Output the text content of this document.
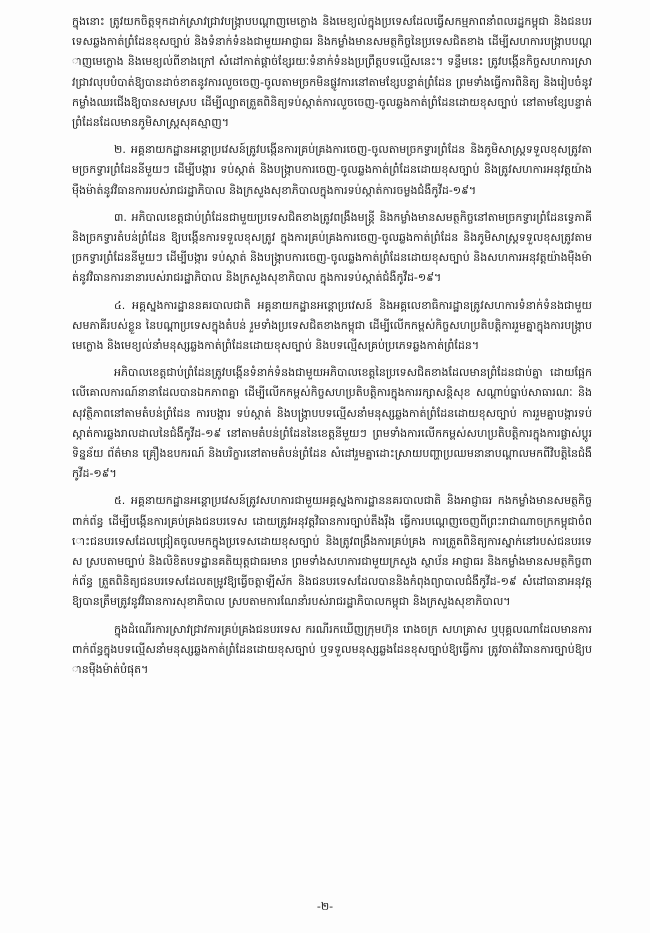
ក្នុងនោះ ត្រូវយកចិត្តទុកដាក់ស្រាវជ្រាវបង្ក្រាបបណ្ដាញមេក្លោង និងមេខ្យល់ក្នុងប្រទេសដែលធ្វើសកម្មភាពនាំពលរដ្ឋកម្ពុជា និងជនបរទេសឆ្លងកាត់ព្រំដែនខុសច្បាប់ និងទំនាក់ទំនងជាមួយអាជ្ញាធរ និងកម្លាំងមានសមត្ថកិច្ចនៃប្រទេសជិតខាង ដើម្បីសហការបង្ក្រាបបណ្ដាញមេក្លោង និងមេខ្យល់ពីខាងក្រៅ សំដៅកាត់ផ្ដាច់ខ្សែរយៈទំនាក់ទំនងប្រព្រឹត្តបទល្មើសនេះ។ ទន្ទឹមនេះ ត្រូវបង្កើនកិច្ចសហការស្រាវជ្រាវលុបបំបាត់ឱ្យបានដាច់ខាតនូវការលួចចេញ-ចូលតាមច្រកមិនផ្លូវការនៅតាមខ្សែបន្ទាត់ព្រំដែន ព្រមទាំងធ្វើការពិនិត្យ និងរៀបចំនូវកម្លាំងឈរជើងឱ្យបានសមស្រប ដើម្បីល្បាតត្រួតពិនិត្យទប់ស្កាត់ការលួចចេញ-ចូលឆ្លងកាត់ព្រំដែនដោយខុសច្បាប់ នៅតាមខ្សែបន្ទាត់ព្រំដែនដែលមានភូមិសាស្ត្រសុគស្មាញ។

២. អគ្គនាយកដ្ឋានអន្តោប្រវេសន៍ត្រូវបង្កើនការគ្រប់គ្រងការចេញ-ចូលតាមច្រកទ្វារព្រំដែន និងភូមិសាស្ត្រទទួលខុសត្រូវតាមច្រកទ្វារព្រំដែននីមួយៗ ដើម្បីបង្ការ ទប់ស្កាត់ និងបង្ក្រាបការចេញ-ចូលឆ្លងកាត់ព្រំដែនដោយខុសច្បាប់ និងត្រូវសហការអនុវត្តយ៉ាងម៉ឺងម៉ាត់នូវវិធានការរបស់រាជរដ្ឋាភិបាល និងក្រសួងសុខាភិបាលក្នុងការទប់ស្កាត់ការចម្លងជំងឺកូវីដ-១៩។

៣. អភិបាលខេត្តជាប់ព្រំដែនជាមួយប្រទេសជិតខាងត្រូវពង្រឹងមន្ត្រី និងកម្លាំងមានសមត្ថកិច្ចនៅតាមច្រកទ្វារព្រំដែនទ្វេភាគី និងច្រកទ្វារតំបន់ព្រំដែន ឱ្យបង្កើនការទទួលខុសត្រូវ ក្នុងការគ្រប់គ្រងការចេញ-ចូលឆ្លងកាត់ព្រំដែន និងភូមិសាស្ត្រទទួលខុសត្រូវតាមច្រកទ្វារព្រំដែននីមួយៗ ដើម្បីបង្ការ ទប់ស្កាត់ និងបង្ក្រាបការចេញ-ចូលឆ្លងកាត់ព្រំដែនដោយខុសច្បាប់ និងសហការអនុវត្តយ៉ាងម៉ឺងម៉ាត់នូវវិធានការនានារបស់រាជរដ្ឋាភិបាល និងក្រសួងសុខាភិបាល ក្នុងការទប់ស្កាត់ជំងឺកូវីដ-១៩។

៤. អគ្គស្នងការដ្ឋាននគរបាលជាតិ អគ្គនាយកដ្ឋានអន្តោប្រវេសន៍ និងអគ្គលេខាធិការដ្ឋានត្រូវសហការទំនាក់ទំនងជាមួយសមភាគីរបស់ខ្លួន នៃបណ្ដាប្រទេសក្នុងតំបន់ រួមទាំងប្រទេសជិតខាងកម្ពុជា ដើម្បីលើកកម្ពស់កិច្ចសហប្រតិបត្តិការរួមគ្នាក្នុងការបង្ក្រាបមេក្លោង និងមេខ្យល់នាំមនុស្សឆ្លងកាត់ព្រំដែនដោយខុសច្បាប់ និងបទល្មើសគ្រប់ប្រភេទឆ្លងកាត់ព្រំដែន។

អភិបាលខេត្តជាប់ព្រំដែនត្រូវបង្កើនទំនាក់ទំនងជាមួយអភិបាលខេត្តនៃប្រទេសជិតខាងដែលមានព្រំដែនជាប់គ្នា ដោយផ្អែកលើគោលការណ៍នានាដែលបានឯកភាពគ្នា ដើម្បីលើកកម្ពស់កិច្ចសហប្រតិបត្តិការក្នុងការរក្សាសន្តិសុខ សណ្ដាប់ធ្នាប់សាធារណៈ និងសុវត្ថិភាពនៅតាមតំបន់ព្រំដែន ការបង្ការ ទប់ស្កាត់ និងបង្ក្រាបបទល្មើសនាំមនុស្សឆ្លងកាត់ព្រំដែនដោយខុសច្បាប់ ការរួមគ្នាបង្ការទប់ស្កាត់ការឆ្លងរាលដាលនៃជំងឺកូវីដ-១៩ នៅតាមតំបន់ព្រំដែននៃខេត្តនីមួយៗ ព្រមទាំងការលើកកម្ពស់សហប្រតិបត្តិការក្នុងការផ្លាស់ប្ដូរទិន្នន័យ ព័ត៌មាន គ្រឿងឧបករណ៍ និងបរិក្ខារនៅតាមតំបន់ព្រំដែន សំដៅរួមគ្នាដោះស្រាយបញ្ហាប្រឈមនានាបណ្ដាលមកពីវិបត្តិនៃជំងឺកូវីដ-១៩។

៥. អគ្គនាយកដ្ឋានអន្តោប្រវេសន៍ត្រូវសហការជាមួយអគ្គស្នងការដ្ឋាននគរបាលជាតិ និងអាជ្ញាធរ កងកម្លាំងមានសមត្ថកិច្ចពាក់ព័ន្ធ ដើម្បីបង្កើនការគ្រប់គ្រងជនបរទេស ដោយត្រូវអនុវត្តវិធានការច្បាប់តឹងរ៉ឹង ធ្វើការបណ្ដេញចេញពីព្រះរាជាណាចក្រកម្ពុជាចំពោះជនបរទេសដែលជ្រៀតចូលមកក្នុងប្រទេសដោយខុសច្បាប់ និងត្រូវពង្រឹងការគ្រប់គ្រង ការត្រួតពិនិត្យការស្នាក់នៅរបស់ជនបរទេស ស្របតាមច្បាប់ និងលិខិតបទដ្ឋានគតិយុត្តជាធរមាន ព្រមទាំងសហការជាមួយក្រសួង ស្ថាប័ន អាជ្ញាធរ និងកម្លាំងមានសមត្ថកិច្ចពាក់ព័ន្ធ ត្រួតពិនិត្យជនបរទេសដែលតម្រូវឱ្យធ្វើចត្តាឡីស័ក និងជនបរទេសដែលបាននិងកំពុងព្យាបាលជំងឺកូវីដ-១៩ សំដៅធានាអនុវត្តឱ្យបានត្រឹមត្រូវនូវវិធានការសុខាភិបាល ស្របតាមការណែនាំរបស់រាជរដ្ឋាភិបាលកម្ពុជា និងក្រសួងសុខាភិបាល។

ក្នុងដំណើរការស្រាវជ្រាវការគ្រប់គ្រងជនបរទេស ករណីរកឃើញក្រុមហ៊ុន រោងចក្រ សហគ្រាស ឬបុគ្គលណាដែលមានការពាក់ព័ន្ធក្នុងបទល្មើសនាំមនុស្សឆ្លងកាត់ព្រំដែនដោយខុសច្បាប់ ឬទទួលមនុស្សឆ្លងដែនខុសច្បាប់ឱ្យធ្វើការ ត្រូវចាត់វិធានការច្បាប់ឱ្យបានម៉ឺងម៉ាត់បំផុត។

-២-
